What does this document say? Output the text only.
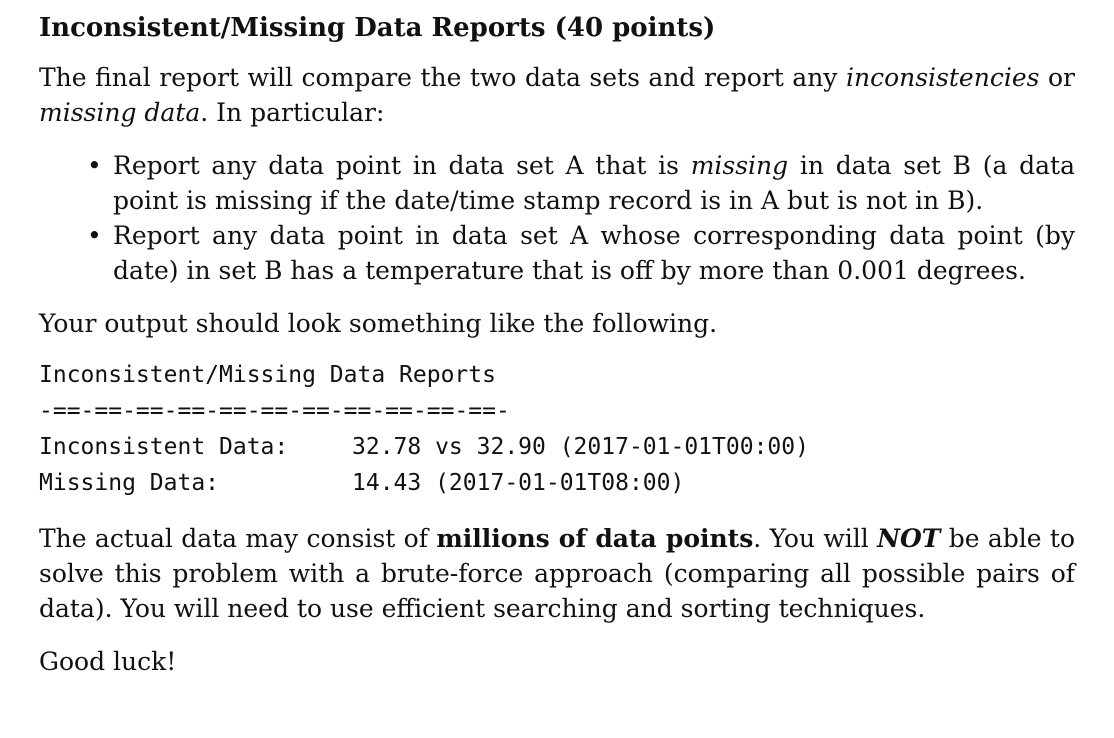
Inconsistent/Missing Data Reports (40 points)

The final report will compare the two data sets and report any inconsistencies or missing data. In particular:

• Report any data point in data set A that is missing in data set B (a data point is missing if the date/time stamp record is in A but is not in B).
• Report any data point in data set A whose corresponding data point (by date) in set B has a temperature that is off by more than 0.001 degrees.

Your output should look something like the following.

Inconsistent/Missing Data Reports
-==-==-==-==-==-==-==-==-==-==-==-
Inconsistent Data:	32.78 vs 32.90 (2017-01-01T00:00)
Missing Data:	14.43 (2017-01-01T08:00)

The actual data may consist of millions of data points. You will NOT be able to solve this problem with a brute-force approach (comparing all possible pairs of data). You will need to use efficient searching and sorting techniques.

Good luck!
